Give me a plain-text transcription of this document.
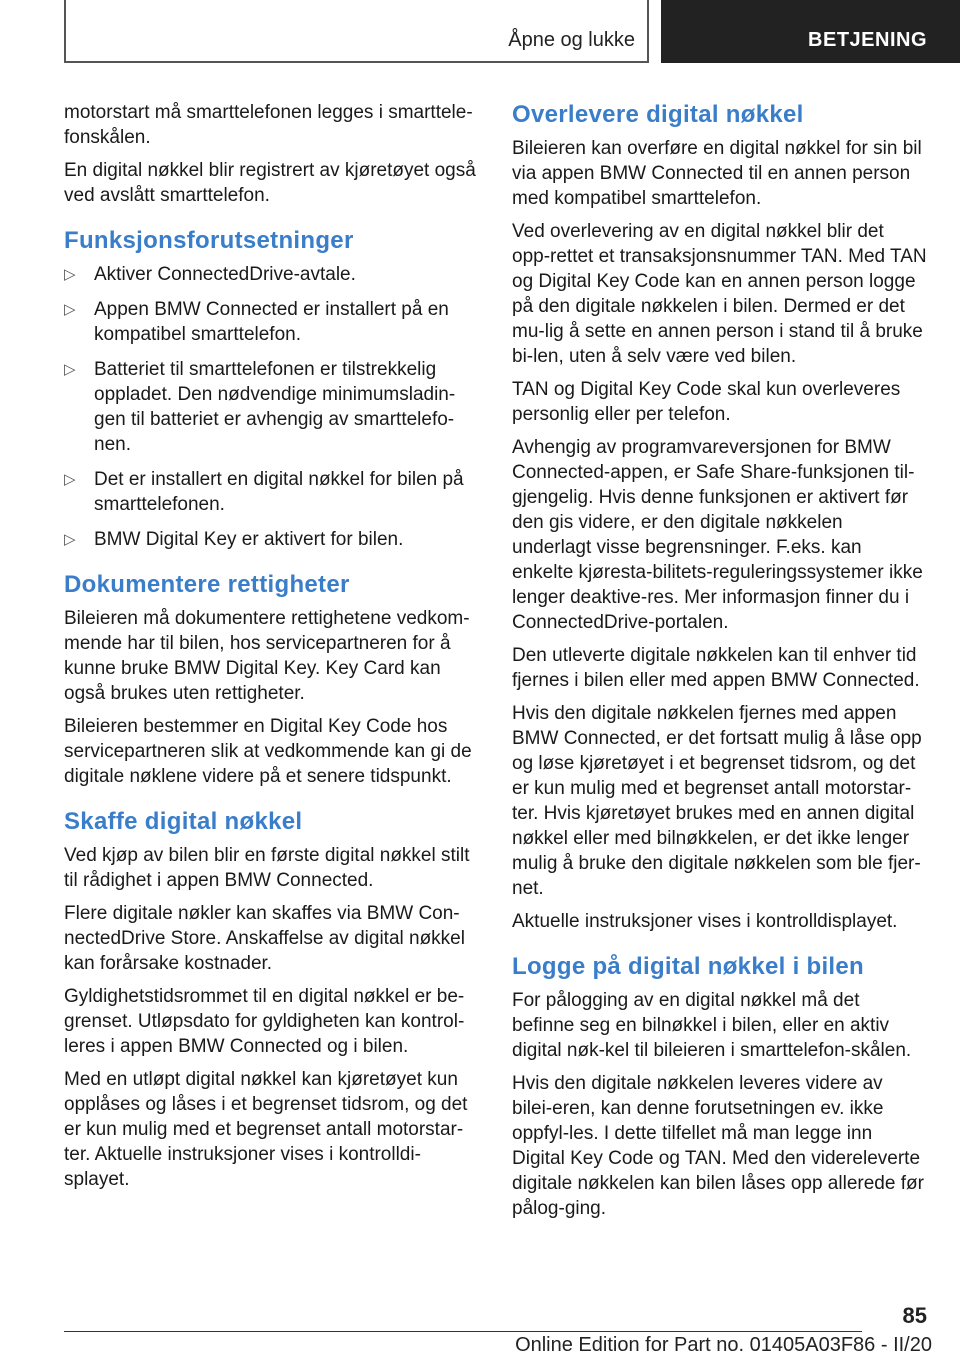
Åpne og lukke	BETJENING

motorstart må smarttelefonen legges i smarttele-fonskålen.

En digital nøkkel blir registrert av kjøretøyet også ved avslått smarttelefon.

Funksjonsforutsetninger
▷ Aktiver ConnectedDrive-avtale.
▷ Appen BMW Connected er installert på en kompatibel smarttelefon.
▷ Batteriet til smarttelefonen er tilstrekkelig oppladet. Den nødvendige minimumsladin-gen til batteriet er avhengig av smarttelefo-nen.
▷ Det er installert en digital nøkkel for bilen på smarttelefonen.
▷ BMW Digital Key er aktivert for bilen.
Dokumentere rettigheter

Bileieren må dokumentere rettighetene vedkom-mende har til bilen, hos servicepartneren for å kunne bruke BMW Digital Key. Key Card kan også brukes uten rettigheter.

Bileieren bestemmer en Digital Key Code hos servicepartneren slik at vedkommende kan gi de digitale nøklene videre på et senere tidspunkt.

Skaffe digital nøkkel

Ved kjøp av bilen blir en første digital nøkkel stilt til rådighet i appen BMW Connected.

Flere digitale nøkler kan skaffes via BMW Con-nectedDrive Store. Anskaffelse av digital nøkkel kan forårsake kostnader.

Gyldighetstidsrommet til en digital nøkkel er be-grenset. Utløpsdato for gyldigheten kan kontrol-leres i appen BMW Connected og i bilen.

Med en utløpt digital nøkkel kan kjøretøyet kun opplåses og låses i et begrenset tidsrom, og det er kun mulig med et begrenset antall motorstar-ter. Aktuelle instruksjoner vises i kontrolldi-splayet.

Overlevere digital nøkkel

Bileieren kan overføre en digital nøkkel for sin bil via appen BMW Connected til en annen person med kompatibel smarttelefon.

Ved overlevering av en digital nøkkel blir det opp-rettet et transaksjonsnummer TAN. Med TAN og Digital Key Code kan en annen person logge på den digitale nøkkelen i bilen. Dermed er det mu-lig å sette en annen person i stand til å bruke bi-len, uten å selv være ved bilen.

TAN og Digital Key Code skal kun overleveres personlig eller per telefon.

Avhengig av programvareversjonen for BMW Connected-appen, er Safe Share-funksjonen til-gjengelig. Hvis denne funksjonen er aktivert før den gis videre, er den digitale nøkkelen underlagt visse begrensninger. F.eks. kan enkelte kjøresta-bilitets-reguleringssystemer ikke lenger deaktive-res. Mer informasjon finner du i ConnectedDrive-portalen.

Den utleverte digitale nøkkelen kan til enhver tid fjernes i bilen eller med appen BMW Connected.

Hvis den digitale nøkkelen fjernes med appen BMW Connected, er det fortsatt mulig å låse opp og løse kjøretøyet i et begrenset tidsrom, og det er kun mulig med et begrenset antall motorstar-ter. Hvis kjøretøyet brukes med en annen digital nøkkel eller med bilnøkkelen, er det ikke lenger mulig å bruke den digitale nøkkelen som ble fjer-net.

Aktuelle instruksjoner vises i kontrolldisplayet.

Logge på digital nøkkel i bilen

For pålogging av en digital nøkkel må det befinne seg en bilnøkkel i bilen, eller en aktiv digital nøk-kel til bileieren i smarttelefon-skålen.

Hvis den digitale nøkkelen leveres videre av bilei-eren, kan denne forutsetningen ev. ikke oppfyl-les. I dette tilfellet må man legge inn Digital Key Code og TAN. Med den videreleverte digitale nøkkelen kan bilen låses opp allerede før pålog-ging.

85
Online Edition for Part no. 01405A03F86 - II/20
